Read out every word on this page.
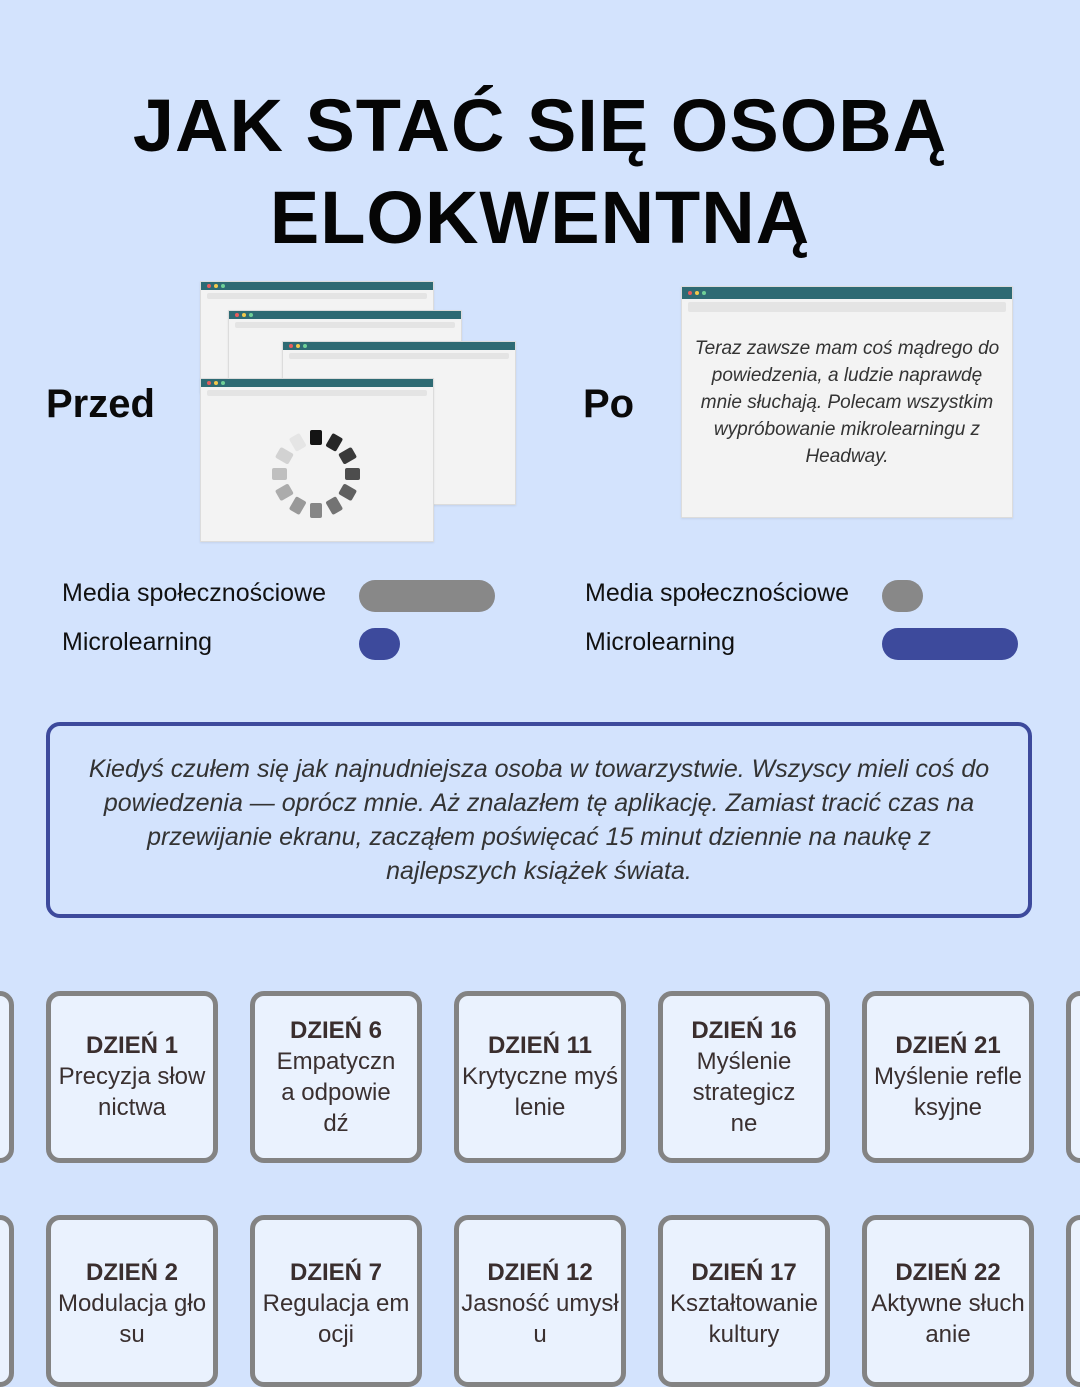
JAK STAĆ SIĘ OSOBĄ
ELOKWENTNĄ
Przed
Media społecznościowe
Microlearning
Po
Teraz zawsze mam coś mądrego do powiedzenia, a ludzie naprawdę mnie słuchają. Polecam wszystkim wypróbowanie mikrolearningu z Headway.
Media społecznościowe
Microlearning
Kiedyś czułem się jak najnudniejsza osoba w towarzystwie. Wszyscy mieli coś do powiedzenia — oprócz mnie. Aż znalazłem tę aplikację. Zamiast tracić czas na przewijanie ekranu, zacząłem poświęcać 15 minut dziennie na naukę z najlepszych książek świata.
DZIEŃ 1
Precyzja słownictwa
DZIEŃ 6
Empatyczna odpowiedź
DZIEŃ 11
Krytyczne myślenie
DZIEŃ 16
Myślenie strategiczne
DZIEŃ 21
Myślenie refleksyjne
DZIEŃ 2
Modulacja głosu
DZIEŃ 7
Regulacja emocji
DZIEŃ 12
Jasność umysłu
DZIEŃ 17
Kształtowanie kultury
DZIEŃ 22
Aktywne słuchanie
